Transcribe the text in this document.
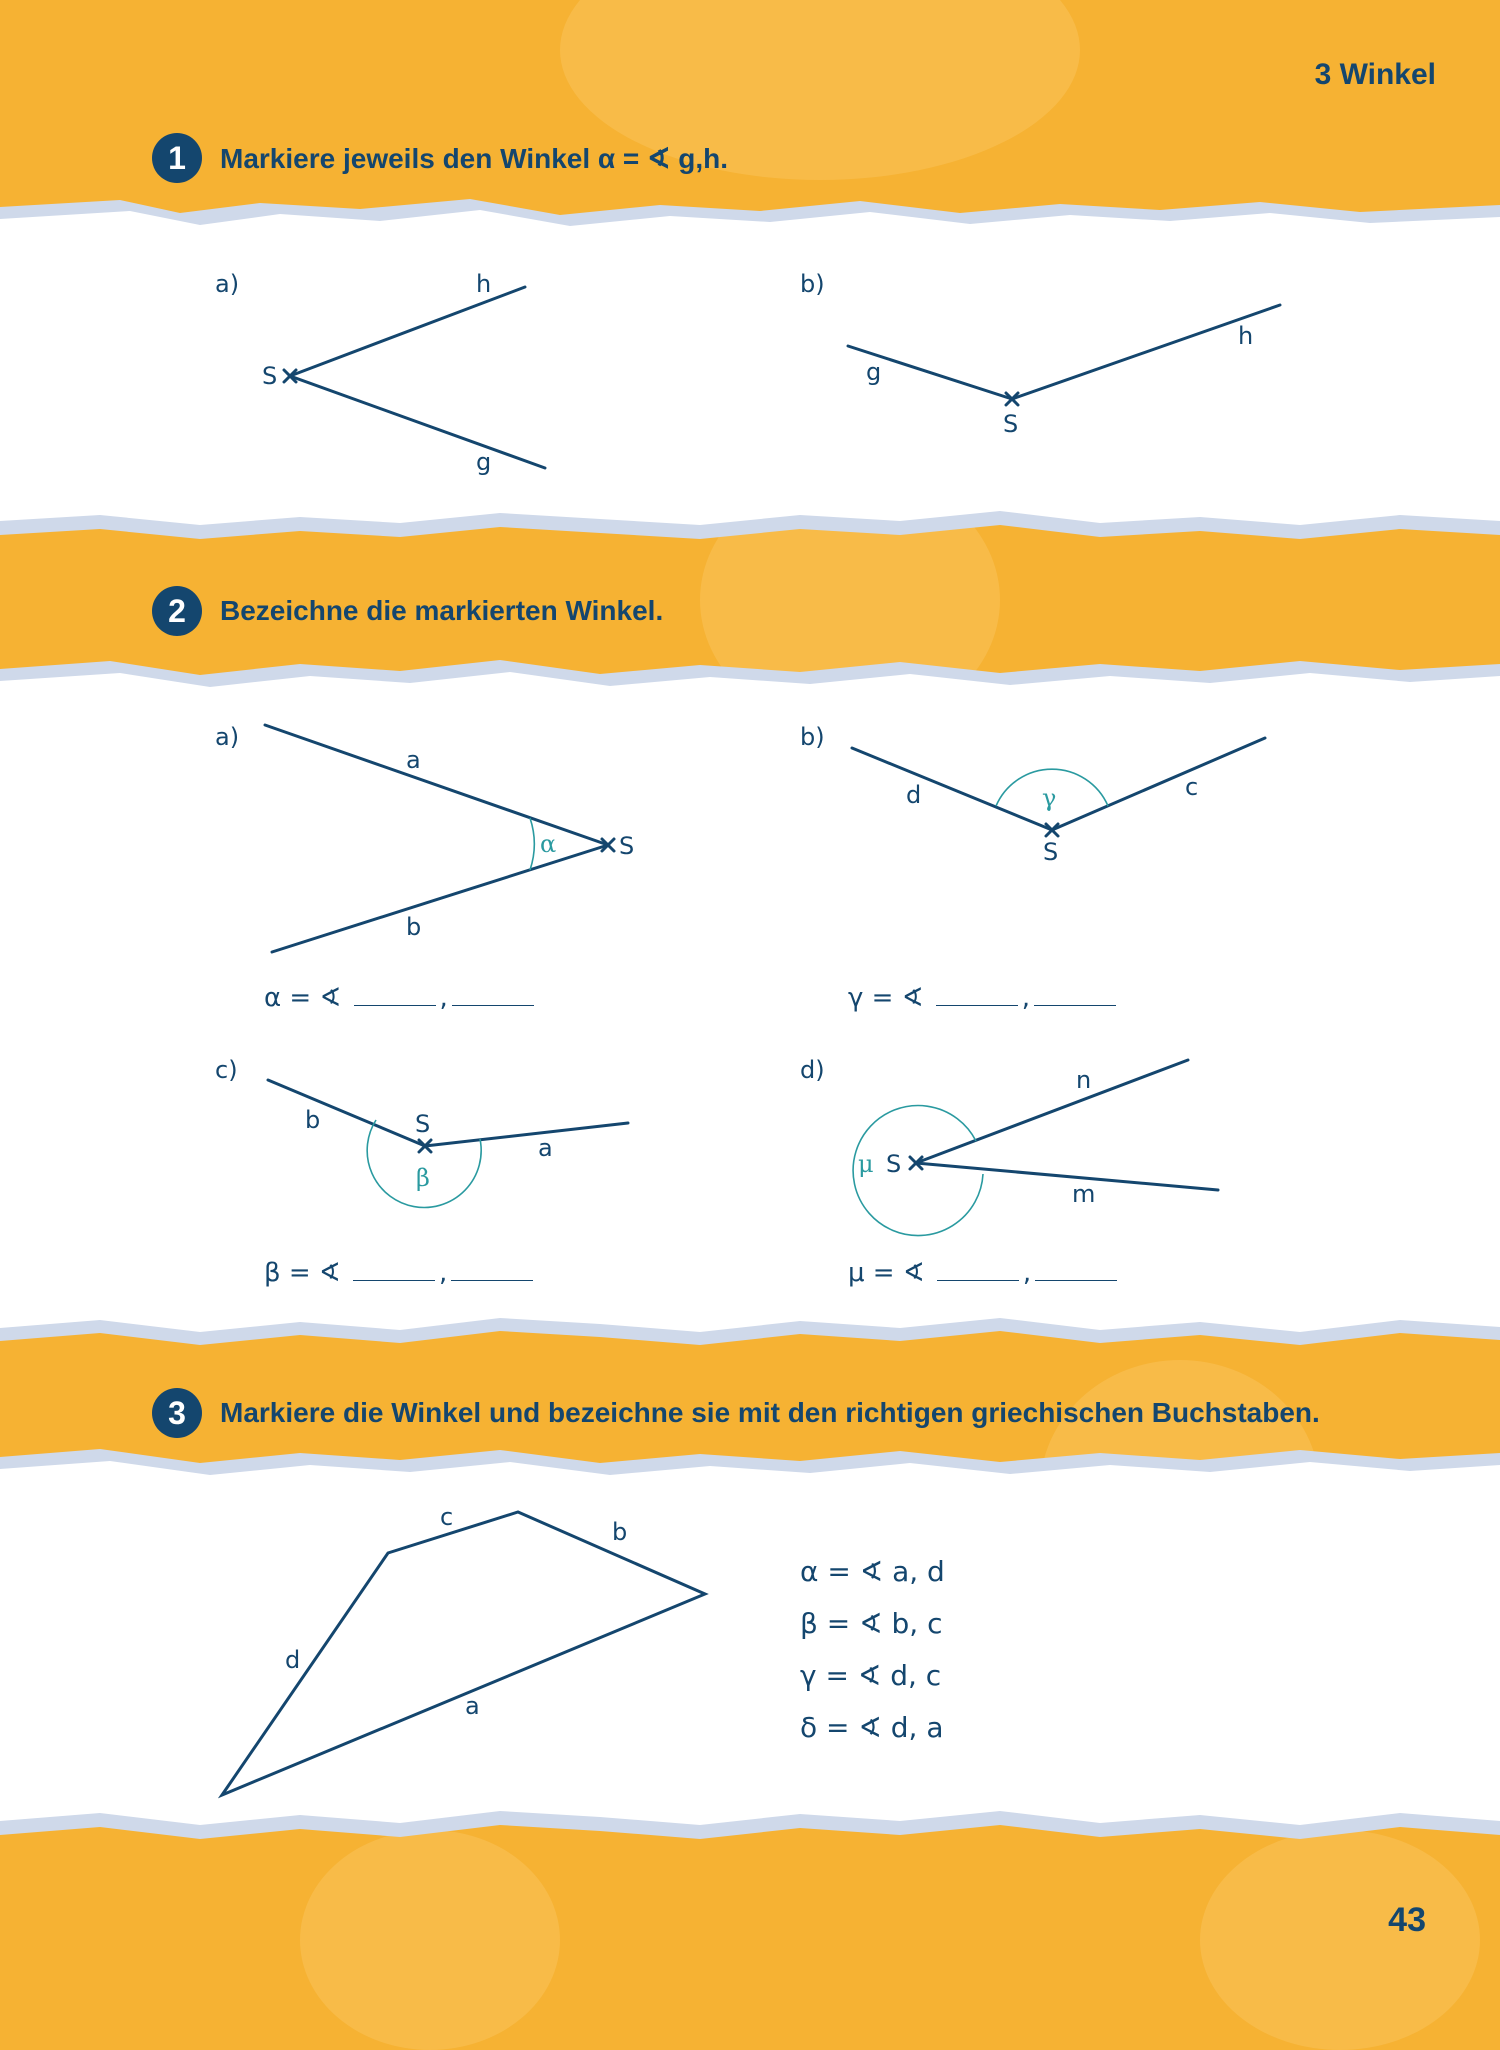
3 Winkel
1	Markiere jeweils den Winkel α = ∢ g,h.
2	Bezeichne die markierten Winkel.
3	Markiere die Winkel und bezeichne sie mit den richtigen griechischen Buchstaben.
a)
S
h
g
b)
S
g
h
a)
S
a
b
α
b)
S
d	c
γ
c)
S
b
a
β
d)
S
n
m
μ
c
b
d
a
α = ∢	,	γ = ∢	,
β = ∢	,	μ = ∢	,
α = ∢ a, d
β = ∢ b, c
γ = ∢ d, c
δ = ∢ d, a
43
